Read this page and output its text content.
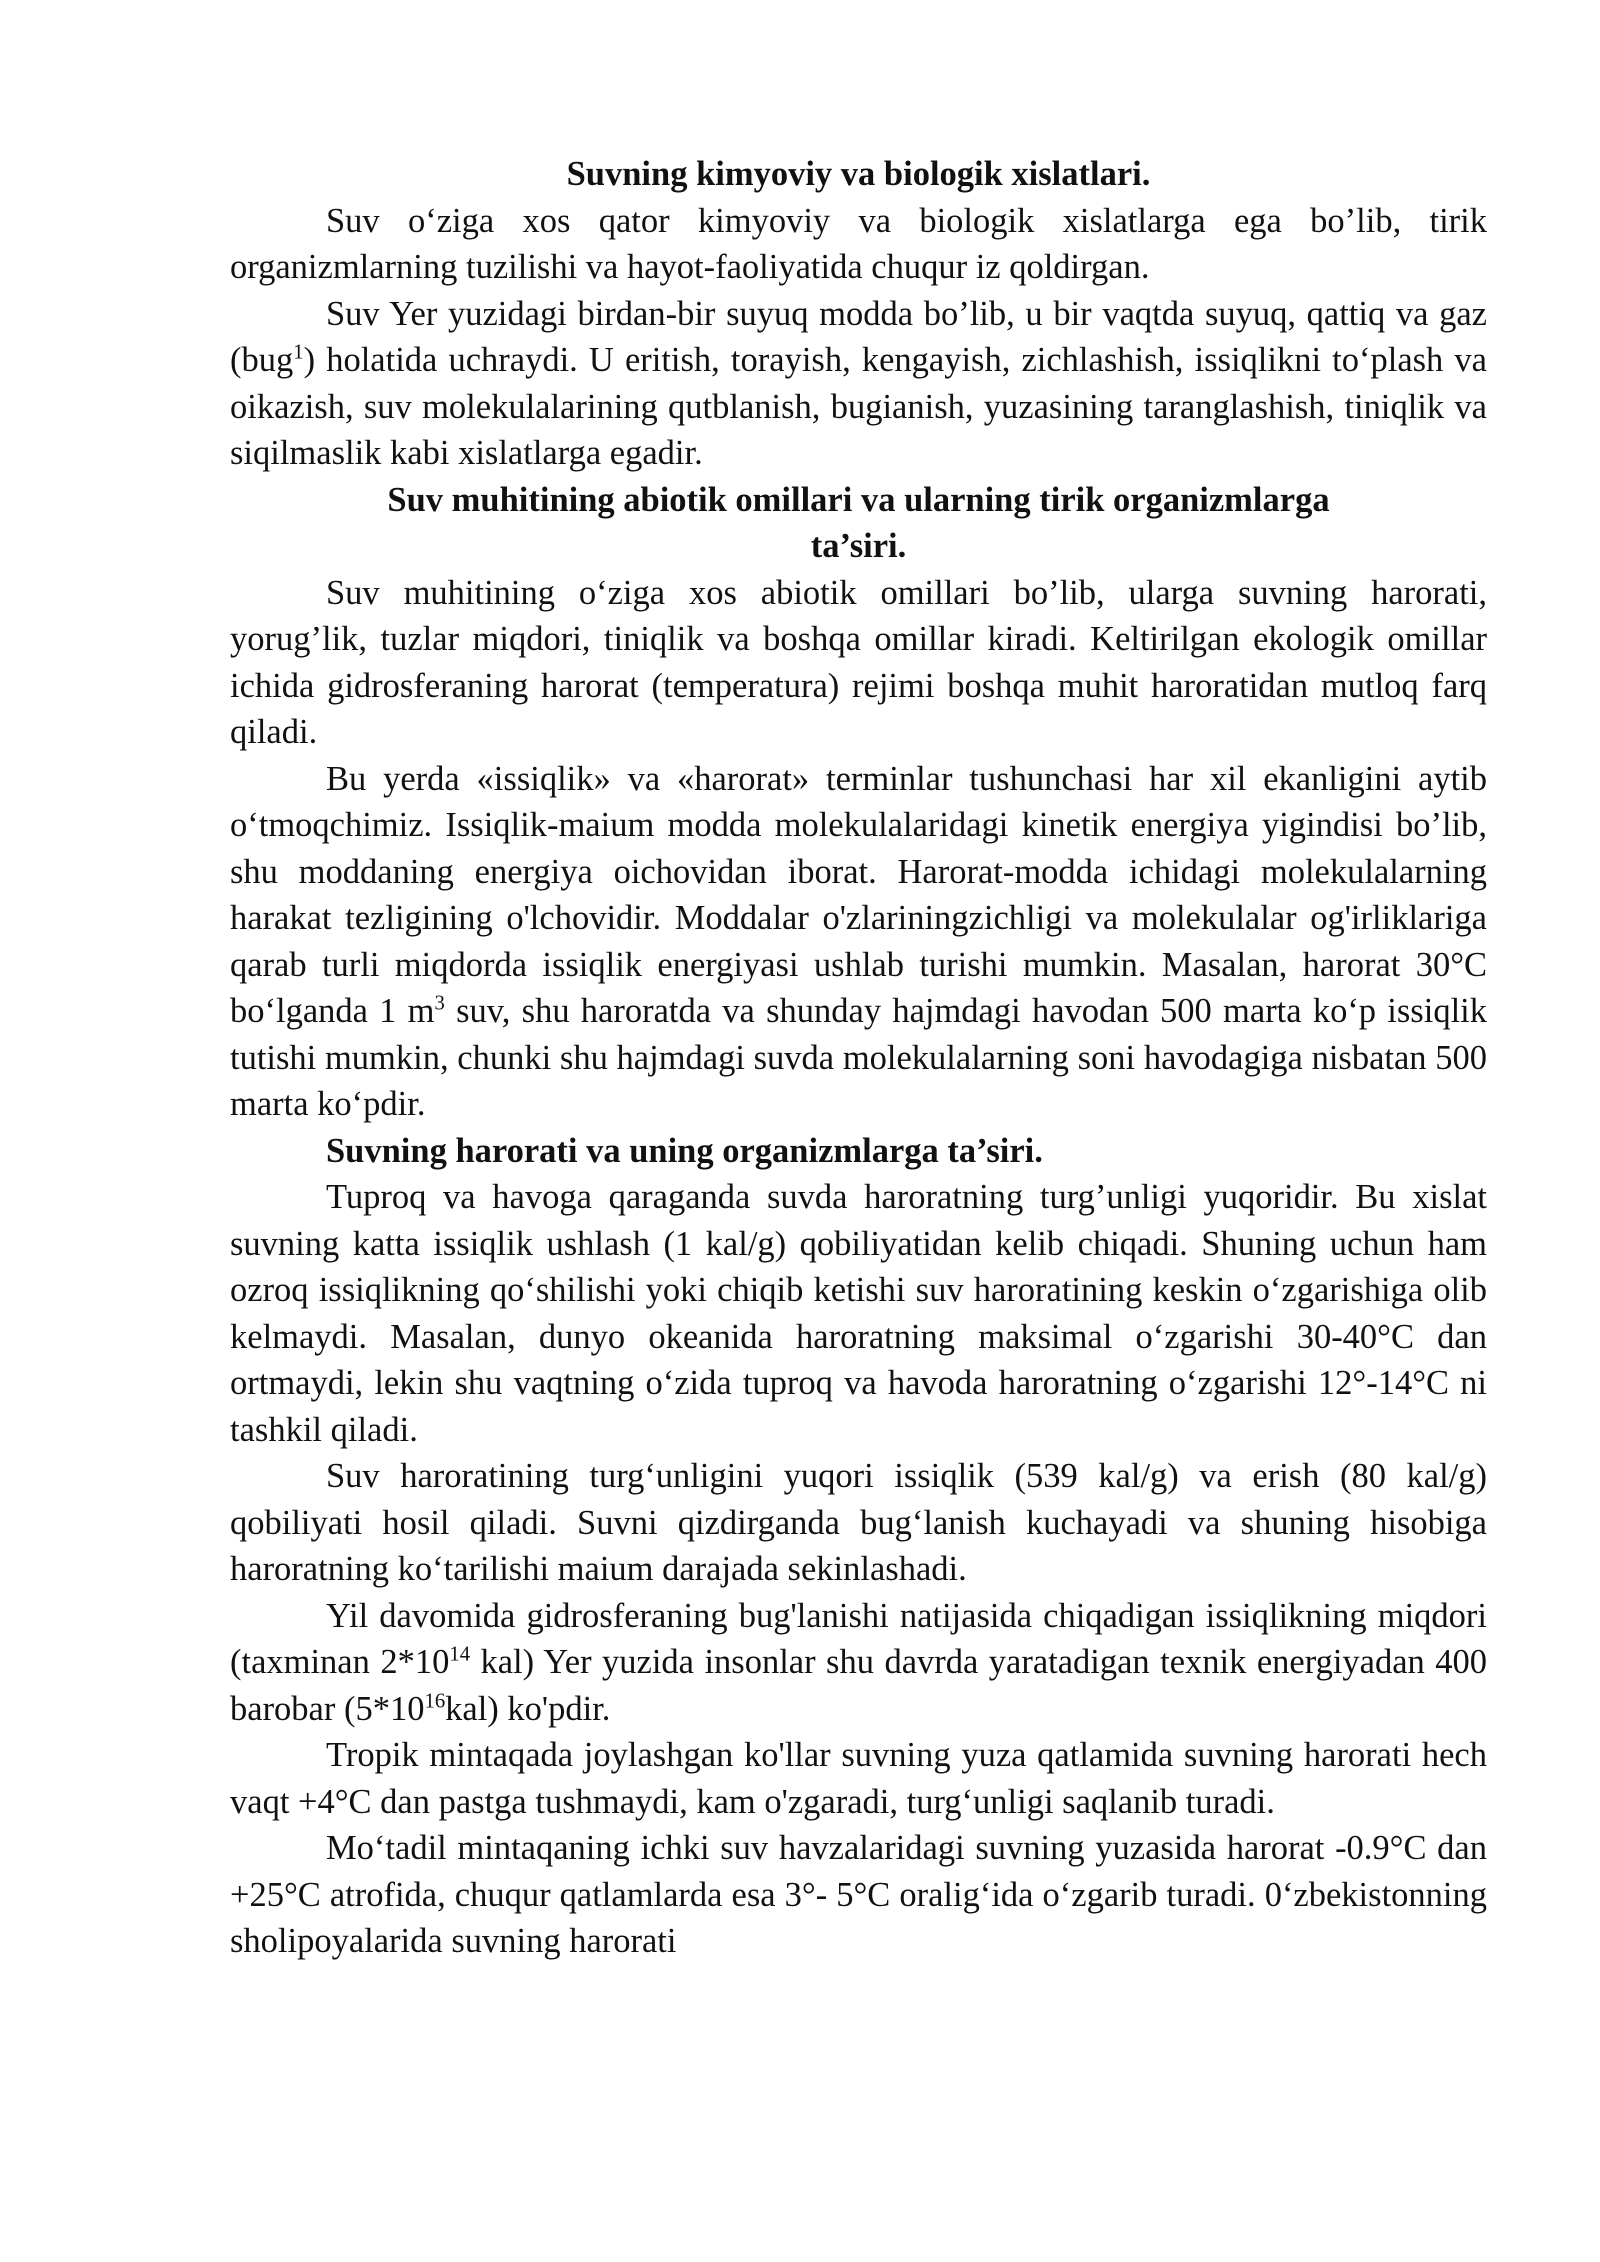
Suvning kimyoviy va biologik xislatlari.

Suv o‘ziga xos qator kimyoviy va biologik xislatlarga ega bo’lib, tirik organizmlarning tuzilishi va hayot-faoliyatida chuqur iz qoldirgan.

Suv Yer yuzidagi birdan-bir suyuq modda bo’lib, u bir vaqtda suyuq, qattiq va gaz (bug$^1$) holatida uchraydi. U eritish, torayish, kengayish, zichlashish, issiqlikni to‘plash va oikazish, suv molekulalarining qutblanish, bugianish, yuzasining taranglashish, tiniqlik va siqilmaslik kabi xislatlarga egadir.

Suv muhitining abiotik omillari va ularning tirik organizmlarga
ta’siri.

Suv muhitining o‘ziga xos abiotik omillari bo’lib, ularga suvning harorati, yorug’lik, tuzlar miqdori, tiniqlik va boshqa omillar kiradi. Keltirilgan ekologik omillar ichida gidrosferaning harorat (temperatura) rejimi boshqa muhit haroratidan mutloq farq qiladi.

Bu yerda «issiqlik» va «harorat» terminlar tushunchasi har xil ekanligini aytib o‘tmoqchimiz. Issiqlik-maium modda molekulalaridagi kinetik energiya yigindisi bo’lib, shu moddaning energiya oichovidan iborat. Harorat-modda ichidagi molekulalarning harakat tezligining o'lchovidir. Moddalar o'zlariningzichligi va molekulalar og'irliklariga qarab turli miqdorda issiqlik energiyasi ushlab turishi mumkin. Masalan, harorat 30°C bo‘lganda 1 $m^3$ suv, shu haroratda va shunday hajmdagi havodan 500 marta ko‘p issiqlik tutishi mumkin, chunki shu hajmdagi suvda molekulalarning soni havodagiga nisbatan 500 marta ko‘pdir.

Suvning harorati va uning organizmlarga ta’siri.

Tuproq va havoga qaraganda suvda haroratning turg’unligi yuqoridir. Bu xislat suvning katta issiqlik ushlash (1 kal/g) qobiliyatidan kelib chiqadi. Shuning uchun ham ozroq issiqlikning qo‘shilishi yoki chiqib ketishi suv haroratining keskin o‘zgarishiga olib kelmaydi. Masalan, dunyo okeanida haroratning maksimal o‘zgarishi 30-40°C dan ortmaydi, lekin shu vaqtning o‘zida tuproq va havoda haroratning o‘zgarishi 12°-14°C ni tashkil qiladi.

Suv haroratining turg‘unligini yuqori issiqlik (539 kal/g) va erish (80 kal/g) qobiliyati hosil qiladi. Suvni qizdirganda bug‘lanish kuchayadi va shuning hisobiga haroratning ko‘tarilishi maium darajada sekinlashadi.

Yil davomida gidrosferaning bug'lanishi natijasida chiqadigan issiqlikning miqdori (taxminan $2*10^{14}$ kal) Yer yuzida insonlar shu davrda yaratadigan texnik energiyadan 400 barobar $(5*10^{16}kal)$ ko'pdir.

Tropik mintaqada joylashgan ko'llar suvning yuza qatlamida suvning harorati hech vaqt +4°C dan pastga tushmaydi, kam o'zgaradi, turg‘unligi saqlanib turadi.

Mo‘tadil mintaqaning ichki suv havzalaridagi suvning yuzasida harorat -0.9°C dan +25°C atrofida, chuqur qatlamlarda esa 3°- 5°C oralig‘ida o‘zgarib turadi. 0‘zbekistonning sholipoyalarida suvning harorati
